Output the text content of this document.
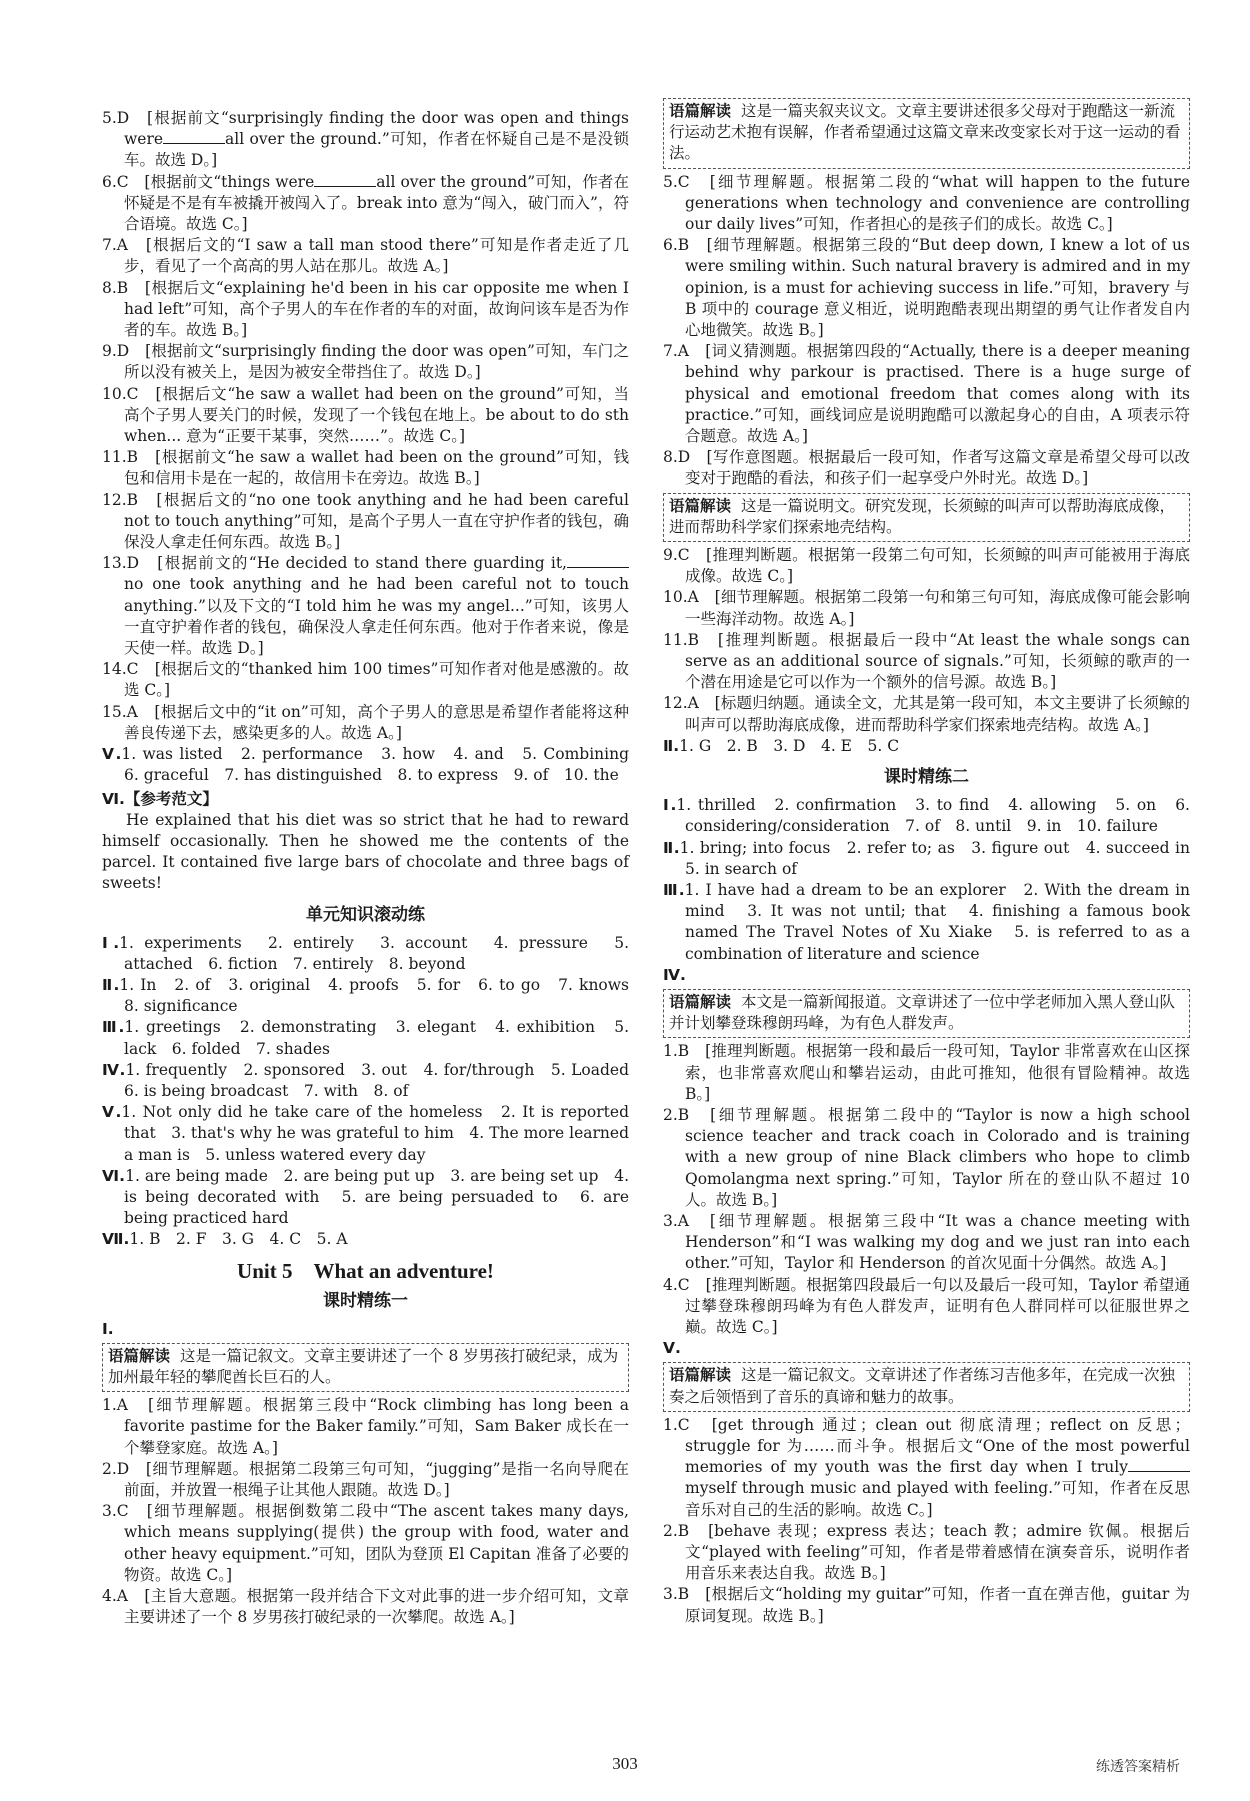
5.D　[根据前文“surprisingly finding the door was open and things were	all over the ground.”可知，作者在怀疑自己是不是没锁车。故选 D。]
6.C　[根据前文“things were	all over the ground”可知，作者在怀疑是不是有车被撬开被闯入了。break into 意为“闯入，破门而入”，符合语境。故选 C。]
7.A　[根据后文的“I saw a tall man stood there”可知是作者走近了几步，看见了一个高高的男人站在那儿。故选 A。]
8.B　[根据后文“explaining he'd been in his car opposite me when I had left”可知，高个子男人的车在作者的车的对面，故询问该车是否为作者的车。故选 B。]
9.D　[根据前文“surprisingly finding the door was open”可知，车门之所以没有被关上，是因为被安全带挡住了。故选 D。]
10.C　[根据后文“he saw a wallet had been on the ground”可知，当高个子男人要关门的时候，发现了一个钱包在地上。be about to do sth when... 意为“正要干某事，突然……”。故选 C。]
11.B　[根据前文“he saw a wallet had been on the ground”可知，钱包和信用卡是在一起的，故信用卡在旁边。故选 B。]
12.B　[根据后文的“no one took anything and he had been careful not to touch anything”可知，是高个子男人一直在守护作者的钱包，确保没人拿走任何东西。故选 B。]
13.D　[根据前文的“He decided to stand there guarding it,no one took anything and he had been careful not to touch anything.”以及下文的“I told him he was my angel...”可知，该男人一直守护着作者的钱包，确保没人拿走任何东西。他对于作者来说，像是天使一样。故选 D。]
14.C　[根据后文的“thanked him 100 times”可知作者对他是感激的。故选 C。]
15.A　[根据后文中的“it on”可知，高个子男人的意思是希望作者能将这种善良传递下去，感染更多的人。故选 A。]
Ⅴ.1. was listed　2. performance　3. how　4. and　5. Combining　6. graceful　7. has distinguished　8. to express　9. of　10. the
Ⅵ.【参考范文】
He explained that his diet was so strict that he had to reward himself occasionally. Then he showed me the contents of the parcel. It contained five large bars of chocolate and three bags of sweets!
单元知识滚动练
Ⅰ.1. experiments　2. entirely　3. account　4. pressure　5. attached　6. fiction　7. entirely　8. beyond
Ⅱ.1. In　2. of　3. original　4. proofs　5. for　6. to go　7. knows　8. significance
Ⅲ.1. greetings　2. demonstrating　3. elegant　4. exhibition　5. lack　6. folded　7. shades
Ⅳ.1. frequently　2. sponsored　3. out　4. for/through　5. Loaded　6. is being broadcast　7. with　8. of
Ⅴ.1. Not only did he take care of the homeless　2. It is reported that　3. that's why he was grateful to him　4. The more learned a man is　5. unless watered every day
Ⅵ.1. are being made　2. are being put up　3. are being set up　4. is being decorated with　5. are being persuaded to　6. are being practiced hard
Ⅶ.1. B　2. F　3. G　4. C　5. A
Unit 5　What an adventure!
课时精练一
Ⅰ.
语篇解读 这是一篇记叙文。文章主要讲述了一个 8 岁男孩打破纪录，成为加州最年轻的攀爬酋长巨石的人。
1.A　[细节理解题。根据第三段中“Rock climbing has long been a favorite pastime for the Baker family.”可知，Sam Baker 成长在一个攀登家庭。故选 A。]
2.D　[细节理解题。根据第二段第三句可知，“jugging”是指一名向导爬在前面，并放置一根绳子让其他人跟随。故选 D。]
3.C　[细节理解题。根据倒数第二段中“The ascent takes many days, which means supplying(提供) the group with food, water and other heavy equipment.”可知，团队为登顶 El Capitan 准备了必要的物资。故选 C。]
4.A　[主旨大意题。根据第一段并结合下文对此事的进一步介绍可知，文章主要讲述了一个 8 岁男孩打破纪录的一次攀爬。故选 A。]
语篇解读 这是一篇夹叙夹议文。文章主要讲述很多父母对于跑酷这一新流行运动艺术抱有误解，作者希望通过这篇文章来改变家长对于这一运动的看法。
5.C　[细节理解题。根据第二段的“what will happen to the future generations when technology and convenience are controlling our daily lives”可知，作者担心的是孩子们的成长。故选 C。]
6.B　[细节理解题。根据第三段的“But deep down, I knew a lot of us were smiling within. Such natural bravery is admired and in my opinion, is a must for achieving success in life.”可知，bravery 与 B 项中的 courage 意义相近，说明跑酷表现出期望的勇气让作者发自内心地微笑。故选 B。]
7.A　[词义猜测题。根据第四段的“Actually, there is a deeper meaning behind why parkour is practised. There is a huge surge of physical and emotional freedom that comes along with its practice.”可知，画线词应是说明跑酷可以激起身心的自由，A 项表示符合题意。故选 A。]
8.D　[写作意图题。根据最后一段可知，作者写这篇文章是希望父母可以改变对于跑酷的看法，和孩子们一起享受户外时光。故选 D。]
语篇解读 这是一篇说明文。研究发现，长须鲸的叫声可以帮助海底成像，进而帮助科学家们探索地壳结构。
9.C　[推理判断题。根据第一段第二句可知，长须鲸的叫声可能被用于海底成像。故选 C。]
10.A　[细节理解题。根据第二段第一句和第三句可知，海底成像可能会影响一些海洋动物。故选 A。]
11.B　[推理判断题。根据最后一段中“At least the whale songs can serve as an additional source of signals.”可知，长须鲸的歌声的一个潜在用途是它可以作为一个额外的信号源。故选 B。]
12.A　[标题归纳题。通读全文，尤其是第一段可知，本文主要讲了长须鲸的叫声可以帮助海底成像，进而帮助科学家们探索地壳结构。故选 A。]
Ⅱ.1. G　2. B　3. D　4. E　5. C
课时精练二
Ⅰ.1. thrilled　2. confirmation　3. to find　4. allowing　5. on　6. considering/consideration　7. of　8. until　9. in　10. failure
Ⅱ.1. bring; into focus　2. refer to; as　3. figure out　4. succeed in　5. in search of
Ⅲ.1. I have had a dream to be an explorer　2. With the dream in mind　3. It was not until; that　4. finishing a famous book named The Travel Notes of Xu Xiake　5. is referred to as a combination of literature and science
Ⅳ.
语篇解读 本文是一篇新闻报道。文章讲述了一位中学老师加入黑人登山队并计划攀登珠穆朗玛峰，为有色人群发声。
1.B　[推理判断题。根据第一段和最后一段可知，Taylor 非常喜欢在山区探索，也非常喜欢爬山和攀岩运动，由此可推知，他很有冒险精神。故选 B。]
2.B　[细节理解题。根据第二段中的“Taylor is now a high school science teacher and track coach in Colorado and is training with a new group of nine Black climbers who hope to climb Qomolangma next spring.”可知，Taylor 所在的登山队不超过 10 人。故选 B。]
3.A　[细节理解题。根据第三段中“It was a chance meeting with Henderson”和“I was walking my dog and we just ran into each other.”可知，Taylor 和 Henderson 的首次见面十分偶然。故选 A。]
4.C　[推理判断题。根据第四段最后一句以及最后一段可知，Taylor 希望通过攀登珠穆朗玛峰为有色人群发声，证明有色人群同样可以征服世界之巅。故选 C。]
Ⅴ.
语篇解读 这是一篇记叙文。文章讲述了作者练习吉他多年，在完成一次独奏之后领悟到了音乐的真谛和魅力的故事。
1.C　[get through 通过；clean out 彻底清理；reflect on 反思；struggle for 为……而斗争。根据后文“One of the most powerful memories of my youth was the first day when I trulymyself through music and played with feeling.”可知，作者在反思音乐对自己的生活的影响。故选 C。]
2.B　[behave 表现；express 表达；teach 教；admire 钦佩。根据后文“played with feeling”可知，作者是带着感情在演奏音乐，说明作者用音乐来表达自我。故选 B。]
3.B　[根据后文“holding my guitar”可知，作者一直在弹吉他，guitar 为原词复现。故选 B。]
303	练透答案精析
